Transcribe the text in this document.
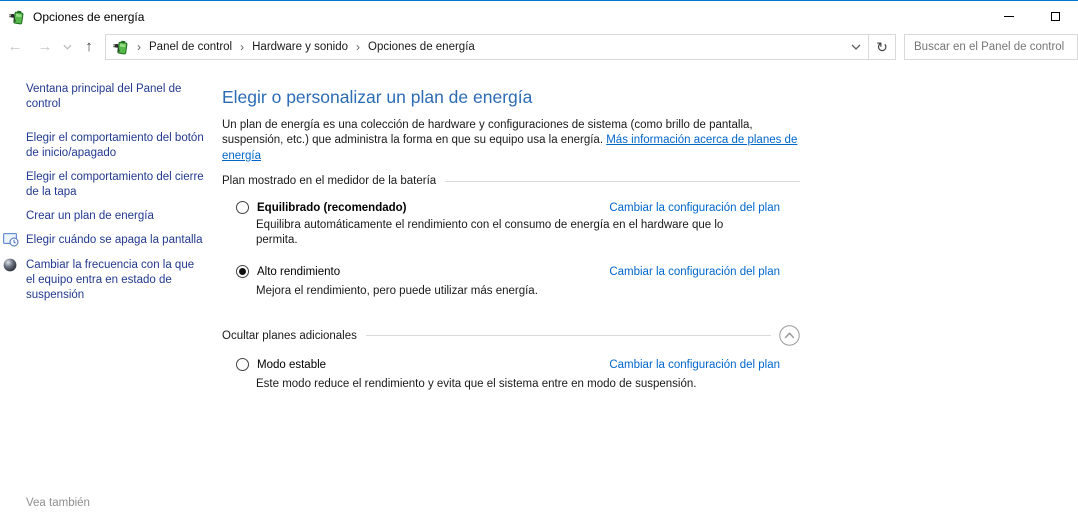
Opciones de energía
←	→	↑	› Panel de control › Hardware y sonido › Opciones de energía	↻
Buscar en el Panel de control
Ventana principal del Panel de control
Elegir el comportamiento del botón de inicio/apagado
Elegir el comportamiento del cierre de la tapa
Crear un plan de energía
Elegir cuándo se apaga la pantalla
Cambiar la frecuencia con la que el equipo entra en estado de suspensión
Vea también
Elegir o personalizar un plan de energía

Un plan de energía es una colección de hardware y configuraciones de sistema (como brillo de pantalla, suspensión, etc.) que administra la forma en que su equipo usa la energía. Más información acerca de planes de energía

Plan mostrado en el medidor de la batería
Equilibrado (recomendado)	Cambiar la configuración del plan
Equilibra automáticamente el rendimiento con el consumo de energía en el hardware que lo permita.
Alto rendimiento	Cambiar la configuración del plan
Mejora el rendimiento, pero puede utilizar más energía.
Ocultar planes adicionales
Modo estable	Cambiar la configuración del plan
Este modo reduce el rendimiento y evita que el sistema entre en modo de suspensión.
